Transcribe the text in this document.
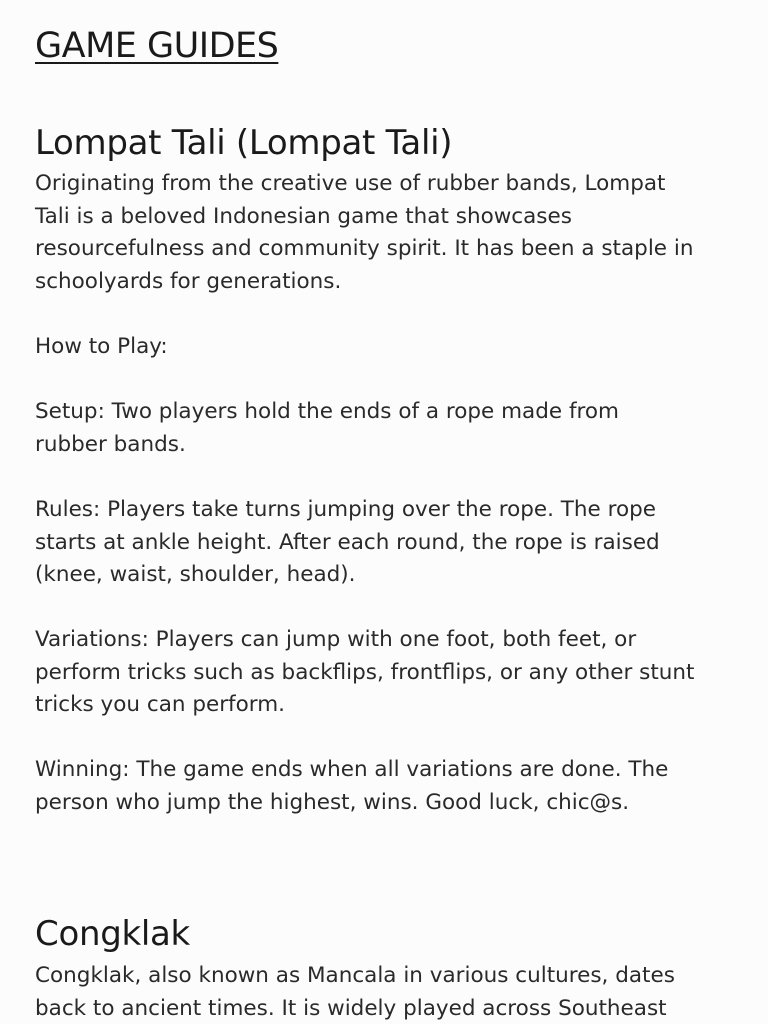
GAME GUIDES
Lompat Tali (Lompat Tali)

Originating from the creative use of rubber bands, Lompat
Tali is a beloved Indonesian game that showcases
resourcefulness and community spirit. It has been a staple in
schoolyards for generations.

How to Play:

Setup: Two players hold the ends of a rope made from
rubber bands.

Rules: Players take turns jumping over the rope. The rope
starts at ankle height. After each round, the rope is raised
(knee, waist, shoulder, head).

Variations: Players can jump with one foot, both feet, or
perform tricks such as backflips, frontflips, or any other stunt
tricks you can perform.

Winning: The game ends when all variations are done. The
person who jump the highest, wins. Good luck, chic@s.

Congklak

Congklak, also known as Mancala in various cultures, dates
back to ancient times. It is widely played across Southeast
